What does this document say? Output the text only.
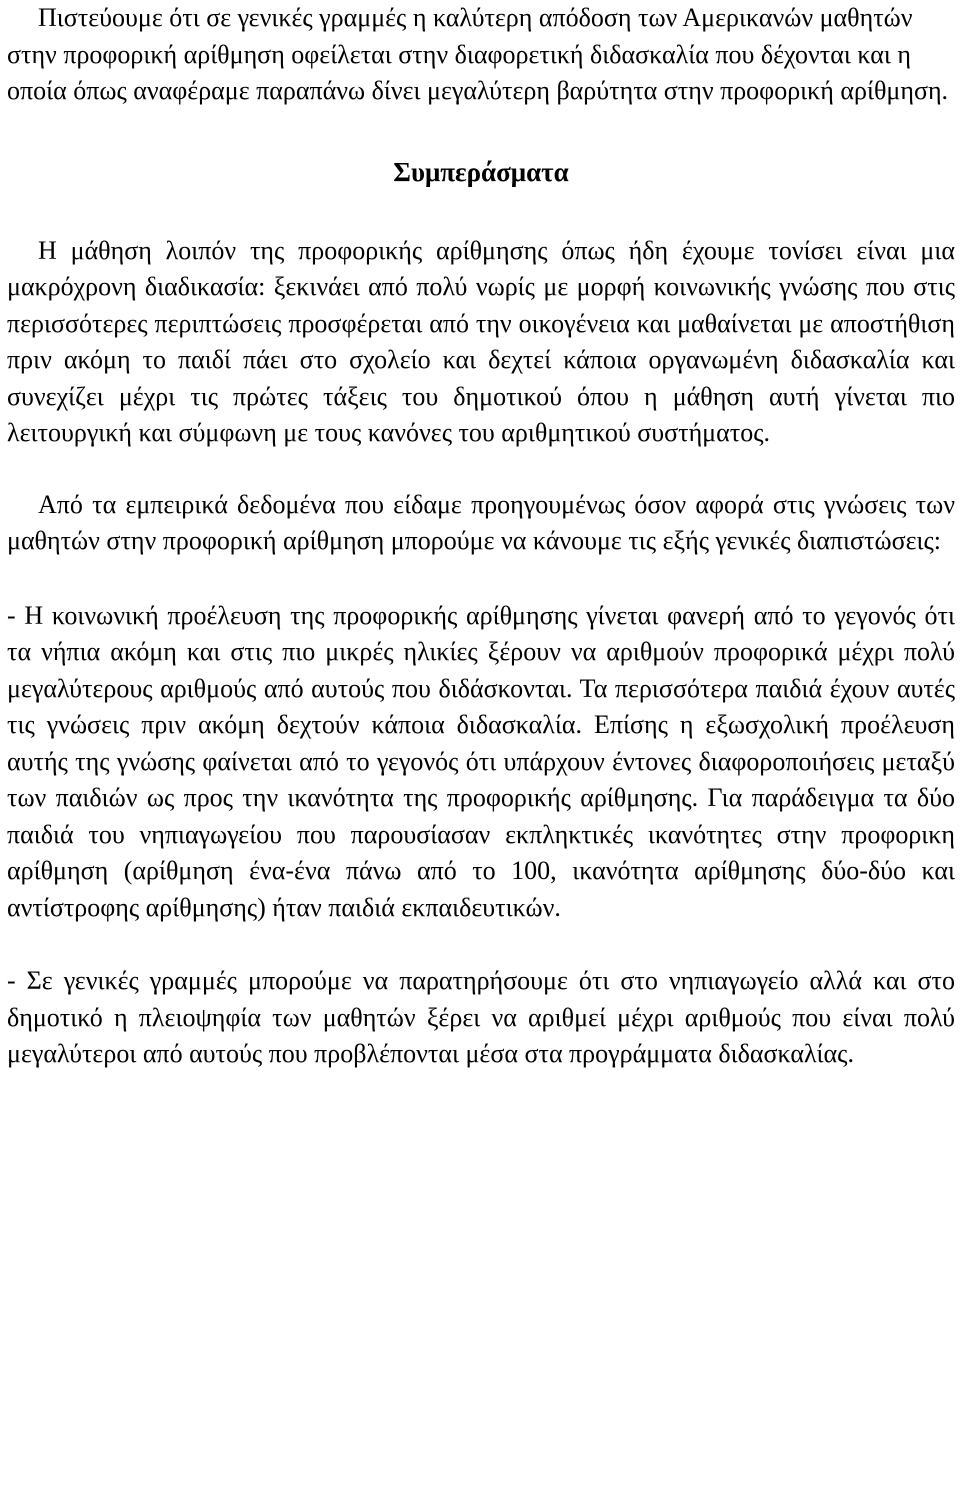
Πιστεύουμε ότι σε γενικές γραμμές η καλύτερη απόδοση των Αμερικανών μαθητών στην προφορική αρίθμηση οφείλεται στην διαφορετική διδασκαλία που δέχονται και η οποία όπως αναφέραμε παραπάνω δίνει μεγαλύτερη βαρύτητα στην προφορική αρίθμηση.

Συμπεράσματα

Η μάθηση λοιπόν της προφορικής αρίθμησης όπως ήδη έχουμε τονίσει είναι μια μακρόχρονη διαδικασία: ξεκινάει από πολύ νωρίς με μορφή κοινωνικής γνώσης που στις περισσότερες περιπτώσεις προσφέρεται από την οικογένεια και μαθαίνεται με αποστήθιση πριν ακόμη το παιδί πάει στο σχολείο και δεχτεί κάποια οργανωμένη διδασκαλία και συνεχίζει μέχρι τις πρώτες τάξεις του δημοτικού όπου η μάθηση αυτή γίνεται πιο λειτουργική και σύμφωνη με τους κανόνες του αριθμητικού συστήματος.

Από τα εμπειρικά δεδομένα που είδαμε προηγουμένως όσον αφορά στις γνώσεις των μαθητών στην προφορική αρίθμηση μπορούμε να κάνουμε τις εξής γενικές διαπιστώσεις:

- Η κοινωνική προέλευση της προφορικής αρίθμησης γίνεται φανερή από το γεγονός ότι τα νήπια ακόμη και στις πιο μικρές ηλικίες ξέρουν να αριθμούν προφορικά μέχρι πολύ μεγαλύτερους αριθμούς από αυτούς που διδάσκονται. Τα περισσότερα παιδιά έχουν αυτές τις γνώσεις πριν ακόμη δεχτούν κάποια διδασκαλία. Επίσης η εξωσχολική προέλευση αυτής της γνώσης φαίνεται από το γεγονός ότι υπάρχουν έντονες διαφοροποιήσεις μεταξύ των παιδιών ως προς την ικανότητα της προφορικής αρίθμησης. Για παράδειγμα τα δύο παιδιά του νηπιαγωγείου που παρουσίασαν εκπληκτικές ικανότητες στην προφορικη αρίθμηση (αρίθμηση ένα-ένα πάνω από το 100, ικανότητα αρίθμησης δύο-δύο και αντίστροφης αρίθμησης) ήταν παιδιά εκπαιδευτικών.

- Σε γενικές γραμμές μπορούμε να παρατηρήσουμε ότι στο νηπιαγωγείο αλλά και στο δημοτικό η πλειοψηφία των μαθητών ξέρει να αριθμεί μέχρι αριθμούς που είναι πολύ μεγαλύτεροι από αυτούς που προβλέπονται μέσα στα προγράμματα διδασκαλίας.
